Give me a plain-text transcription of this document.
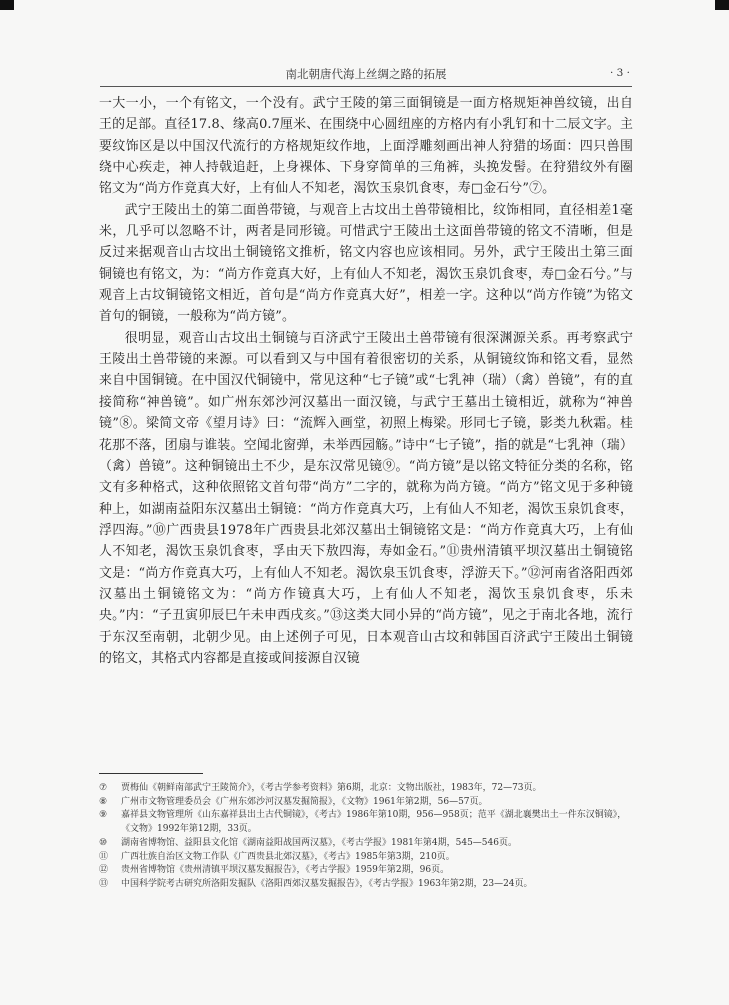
南北朝唐代海上丝绸之路的拓展	· 3 ·

一大一小，一个有铭文，一个没有。武宁王陵的第三面铜镜是一面方格规矩神兽纹镜，出自王的足部。直径17.8、缘高0.7厘米、在围绕中心圆纽座的方格内有小乳钉和十二辰文字。主要纹饰区是以中国汉代流行的方格规矩纹作地，上面浮雕刻画出神人狩猎的场面：四只兽围绕中心疾走，神人持戟追赶，上身裸体、下身穿简单的三角裤，头挽发髻。在狩猎纹外有圈铭文为“尚方作竟真大好，上有仙人不知老，渴饮玉泉饥食枣，寿□金石兮”⑦。

武宁王陵出土的第二面兽带镜，与观音上古坟出土兽带镜相比，纹饰相同，直径相差1毫米，几乎可以忽略不计，两者是同形镜。可惜武宁王陵出土这面兽带镜的铭文不清晰，但是反过来据观音山古坟出土铜镜铭文推析，铭文内容也应该相同。另外，武宁王陵出土第三面铜镜也有铭文，为：“尚方作竟真大好，上有仙人不知老，渴饮玉泉饥食枣，寿□金石兮。”与观音上古坟铜镜铭文相近，首句是“尚方作竟真大好”，相差一字。这种以“尚方作镜”为铭文首句的铜镜，一般称为“尚方镜”。

很明显，观音山古坟出土铜镜与百济武宁王陵出土兽带镜有很深渊源关系。再考察武宁王陵出土兽带镜的来源。可以看到又与中国有着很密切的关系，从铜镜纹饰和铭文看，显然来自中国铜镜。在中国汉代铜镜中，常见这种“七子镜”或“七乳神（瑞）（禽）兽镜”，有的直接简称“神兽镜”。如广州东郊沙河汉墓出一面汉镜，与武宁王墓出土镜相近，就称为“神兽镜”⑧。梁简文帝《望月诗》曰：“流辉入画堂，初照上梅梁。形同七子镜，影类九秋霜。桂花那不落，团扇与谁装。空闻北窗弹，未举西园觞。”诗中“七子镜”，指的就是“七乳神（瑞）（禽）兽镜”。这种铜镜出土不少，是东汉常见镜⑨。“尚方镜”是以铭文特征分类的名称，铭文有多种格式，这种依照铭文首句带“尚方”二字的，就称为尚方镜。“尚方”铭文见于多种镜种上，如湖南益阳东汉墓出土铜镜：“尚方作竟真大巧，上有仙人不知老，渴饮玉泉饥食枣，浮四海。”⑩广西贵县1978年广西贵县北郊汉墓出土铜镜铭文是：“尚方作竟真大巧，上有仙人不知老，渴饮玉泉饥食枣，孚由天下敖四海，寿如金石。”⑪贵州清镇平坝汉墓出土铜镜铭文是：“尚方作竟真大巧，上有仙人不知老。渴饮泉玉饥食枣，浮游天下。”⑫河南省洛阳西郊汉墓出土铜镜铭文为：“尚方作镜真大巧，上有仙人不知老，渴饮玉泉饥食枣，乐未央。”内：“子丑寅卯辰巳午未申西戌亥。”⑬这类大同小异的“尚方镜”，见之于南北各地，流行于东汉至南朝，北朝少见。由上述例子可见，日本观音山古坟和韩国百济武宁王陵出土铜镜的铭文，其格式内容都是直接或间接源自汉镜

⑦	贾梅仙《朝鲜南部武宁王陵简介》，《考古学参考资料》第6期，北京：文物出版社，1983年，72—73页。
⑧	广州市文物管理委员会《广州东郊沙河汉墓发掘简报》，《文物》1961年第2期，56—57页。
⑨	嘉祥县文物管理所《山东嘉祥县出土古代铜镜》，《考古》1986年第10期，956—958页；范平《湖北襄樊出土一件东汉铜镜》，《文物》1992年第12期，33页。
⑩	湖南省博物馆、益阳县文化馆《湖南益阳战国两汉墓》，《考古学报》1981年第4期，545—546页。
⑪	广西壮族自治区文物工作队《广西贵县北郊汉墓》，《考古》1985年第3期，210页。
⑫	贵州省博物馆《贵州清镇平坝汉墓发掘报告》，《考古学报》1959年第2期，96页。
⑬	中国科学院考古研究所洛阳发掘队《洛阳西郊汉墓发掘报告》，《考古学报》1963年第2期，23—24页。
